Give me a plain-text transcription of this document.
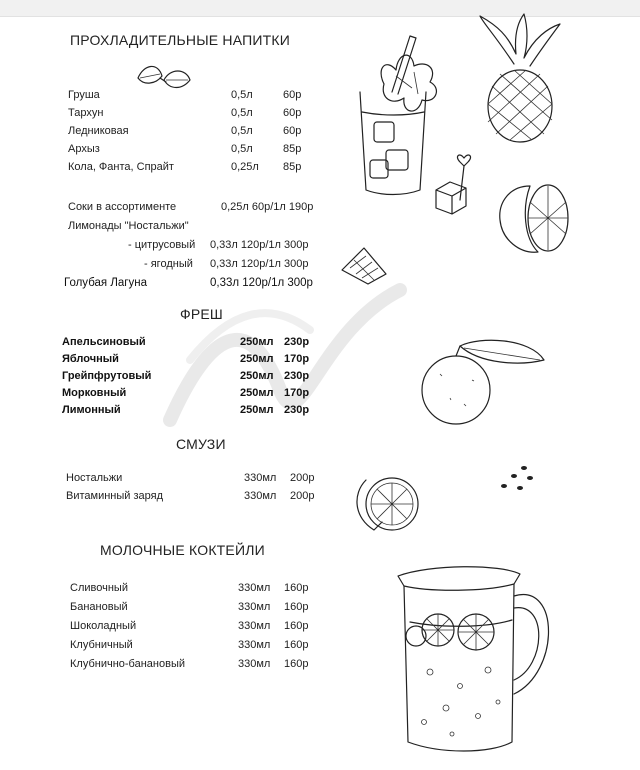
ПРОХЛАДИТЕЛЬНЫЕ НАПИТКИ
Груша	0,5л	60р
Тархун	0,5л	60р
Ледниковая	0,5л	60р
Архыз	0,5л	85р
Кола, Фанта, Спрайт	0,25л 85р
Соки в ассортименте	0,25л 60р/1л 190р
Лимонады "Ностальжи"
- цитрусовый 0,33л 120р/1л 300р
- ягодный 0,33л 120р/1л 300р
Голубая Лагуна	0,33л 120р/1л 300р
ФРЕШ
Апельсиновый	250мл 230р
Яблочный	250мл 170р
Грейпфрутовый	250мл 230р
Морковный	250мл 170р
Лимонный	250мл 230р
СМУЗИ
Ностальжи	330мл 200р
Витаминный заряд	330мл 200р
МОЛОЧНЫЕ КОКТЕЙЛИ
Сливочный	330мл 160р
Банановый	330мл 160р
Шоколадный	330мл 160р
Клубничный	330мл 160р
Клубнично-банановый	330мл 160р
